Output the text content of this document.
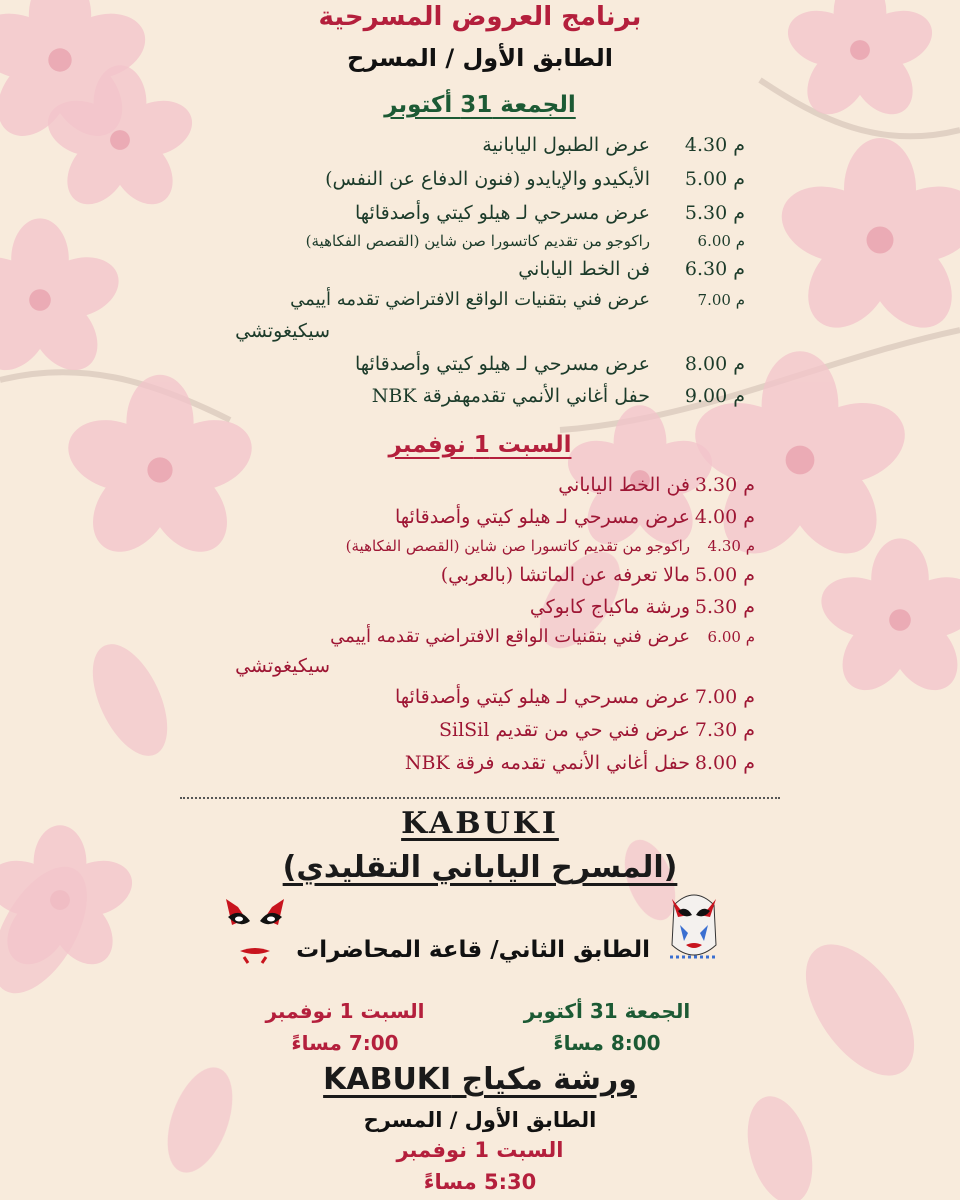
برنامج العروض المسرحية
الطابق الأول / المسرح
الجمعة 31 أكتوبر
4.30 م
عرض الطبول اليابانية
5.00 م
الأيكيدو والإيايدو (فنون الدفاع عن النفس)
5.30 م
عرض مسرحي لـ هيلو كيتي وأصدقائها
6.00 م
راكوجو من تقديم كاتسورا صن شاين (القصص الفكاهية)
6.30 م
فن الخط الياباني
7.00 م
عرض فني بتقنيات الواقع الافتراضي تقدمه أييمي
سيكيغوتشي
8.00 م
عرض مسرحي لـ هيلو كيتي وأصدقائها
9.00 م
حفل أغاني الأنمي تقدمهفرقة NBK
السبت 1 نوفمبر
3.30 م
فن الخط الياباني
4.00 م
عرض مسرحي لـ هيلو كيتي وأصدقائها
4.30 م
راكوجو من تقديم كاتسورا صن شاين (القصص الفكاهية)
5.00 م
مالا تعرفه عن الماتشا (بالعربي)
5.30 م
ورشة ماكياج كابوكي
6.00 م
عرض فني بتقنيات الواقع الافتراضي تقدمه أييمي
سيكيغوتشي
7.00 م
عرض مسرحي لـ هيلو كيتي وأصدقائها
7.30 م
عرض فني حي من تقديم SilSil
8.00 م
حفل أغاني الأنمي تقدمه فرقة NBK
KABUKI
(المسرح الياباني التقليدي)
الطابق الثاني/ قاعة المحاضرات
الجمعة 31 أكتوبر
8:00 مساءً
السبت 1 نوفمبر
7:00 مساءً
ورشة مكياج KABUKI
الطابق الأول / المسرح
السبت 1 نوفمبر
5:30 مساءً
